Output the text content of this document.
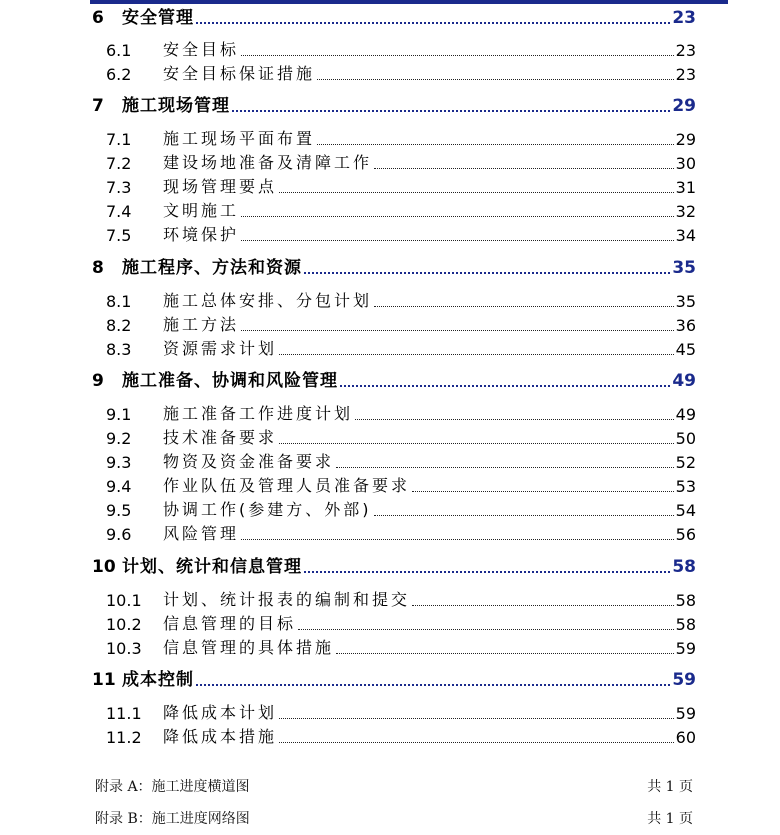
6	安全管理	23
6.1	安全目标	23
6.2	安全目标保证措施	23
7	施工现场管理	29
7.1	施工现场平面布置	29
7.2	建设场地准备及清障工作	30
7.3	现场管理要点	31
7.4	文明施工	32
7.5	环境保护	34
8	施工程序、方法和资源	35
8.1	施工总体安排、分包计划	35
8.2	施工方法	36
8.3	资源需求计划	45
9	施工准备、协调和风险管理	49
9.1	施工准备工作进度计划	49
9.2	技术准备要求	50
9.3	物资及资金准备要求	52
9.4	作业队伍及管理人员准备要求	53
9.5	协调工作(参建方、外部)	54
9.6	风险管理	56
10 计划、统计和信息管理	58
10.1	计划、统计报表的编制和提交	58
10.2	信息管理的目标	58
10.3	信息管理的具体措施	59
11 成本控制	59
11.1	降低成本计划	59
11.2	降低成本措施	60
附录 A：施工进度横道图	共 1 页
附录 B：施工进度网络图	共 1 页
